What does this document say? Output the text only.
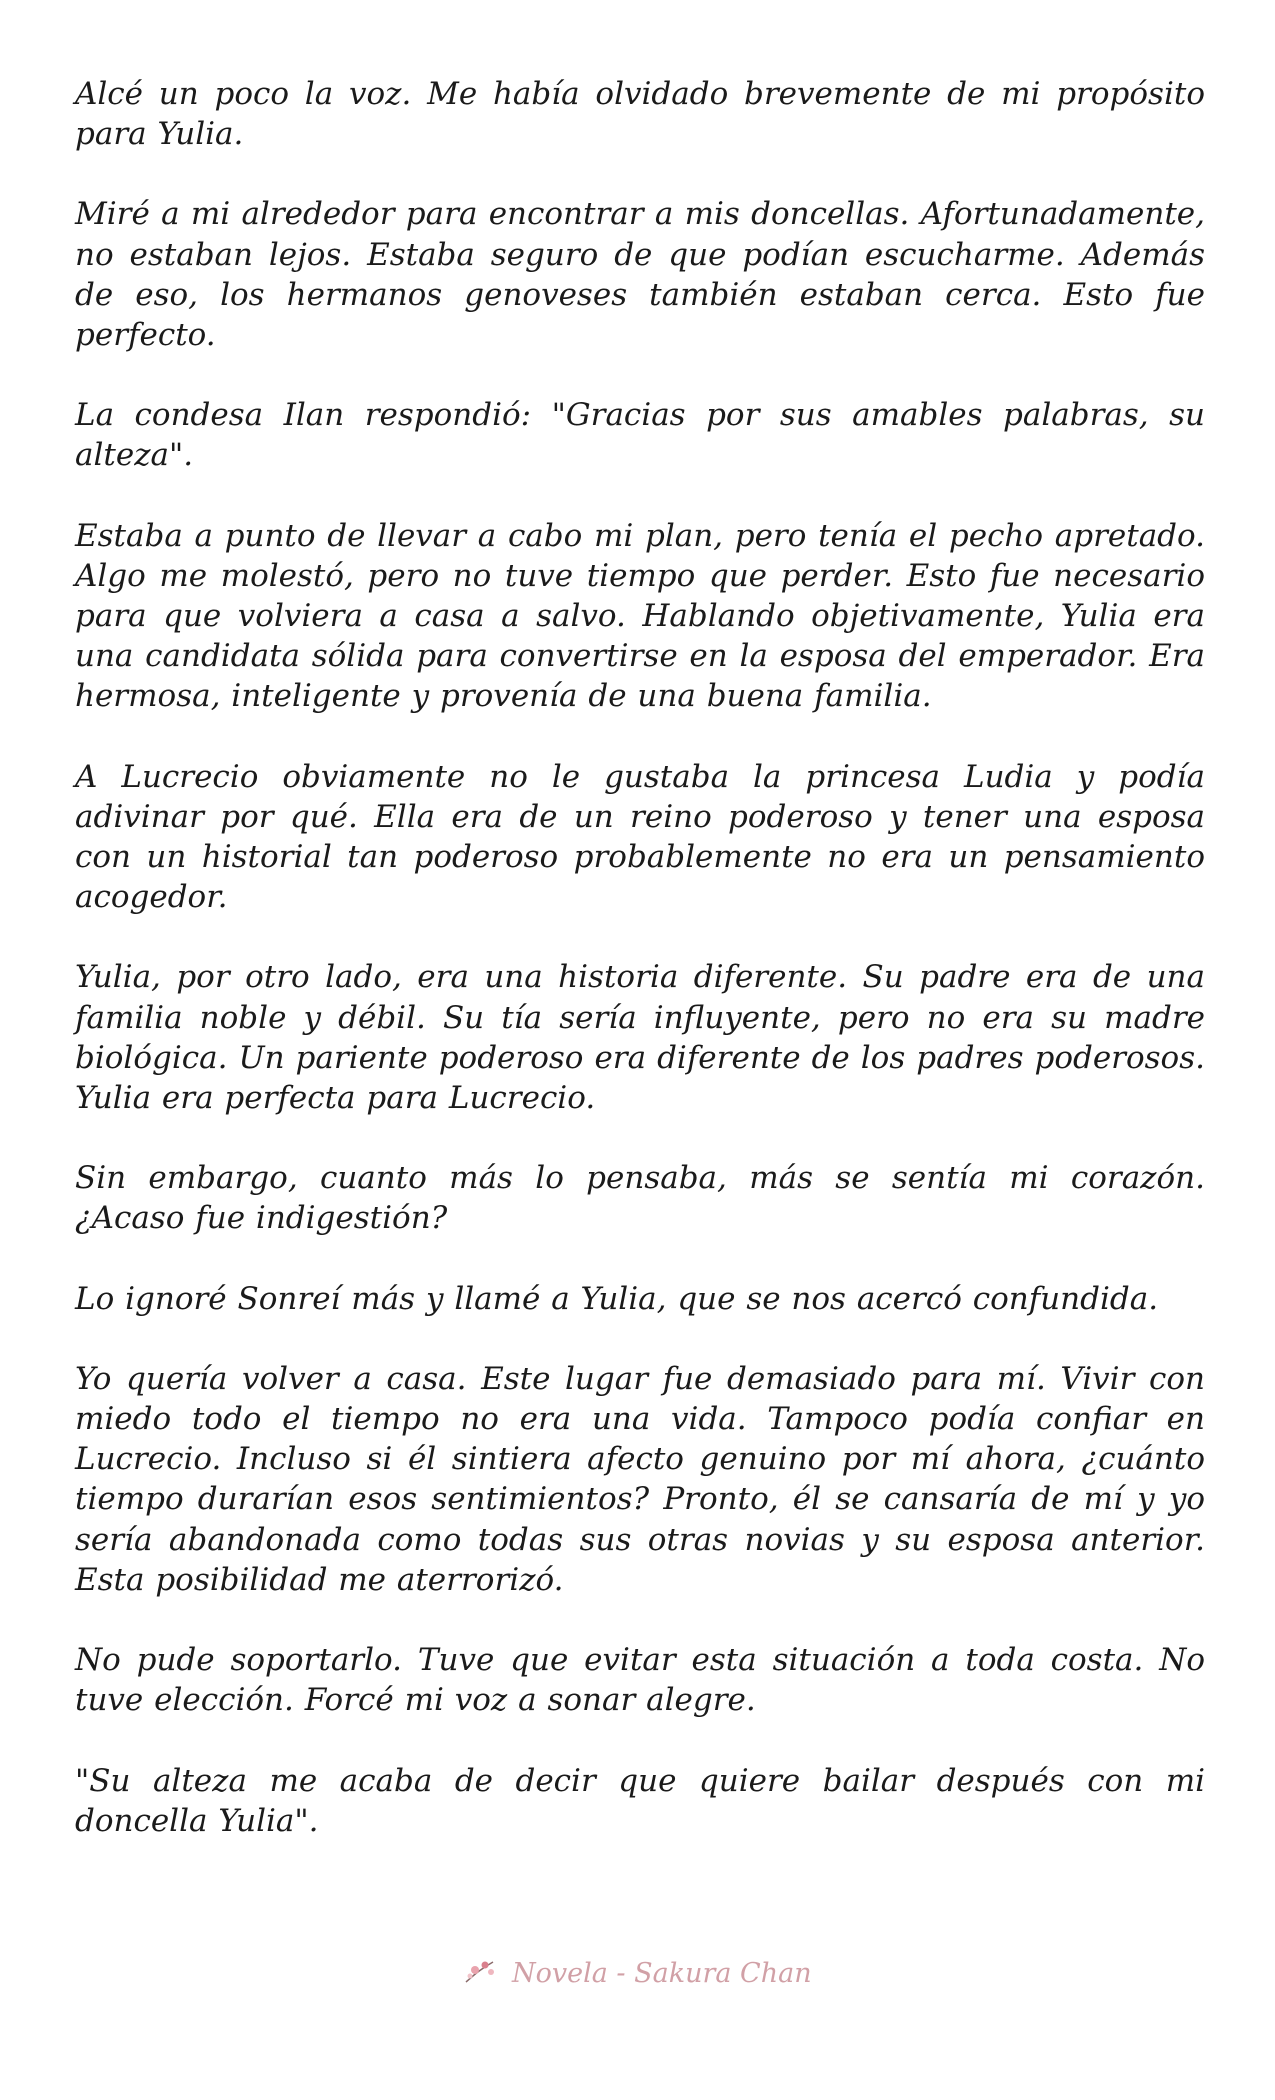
Alcé un poco la voz. Me había olvidado brevemente de mi propósito para Yulia.

Miré a mi alrededor para encontrar a mis doncellas. Afortunadamente, no estaban lejos. Estaba seguro de que podían escucharme. Además de eso, los hermanos genoveses también estaban cerca. Esto fue perfecto.

La condesa Ilan respondió: "Gracias por sus amables palabras, su alteza".

Estaba a punto de llevar a cabo mi plan, pero tenía el pecho apretado. Algo me molestó, pero no tuve tiempo que perder. Esto fue necesario para que volviera a casa a salvo. Hablando objetivamente, Yulia era una candidata sólida para convertirse en la esposa del emperador. Era hermosa, inteligente y provenía de una buena familia.

A Lucrecio obviamente no le gustaba la princesa Ludia y podía adivinar por qué. Ella era de un reino poderoso y tener una esposa con un historial tan poderoso probablemente no era un pensamiento acogedor.

Yulia, por otro lado, era una historia diferente. Su padre era de una familia noble y débil. Su tía sería influyente, pero no era su madre biológica. Un pariente poderoso era diferente de los padres poderosos. Yulia era perfecta para Lucrecio.

Sin embargo, cuanto más lo pensaba, más se sentía mi corazón. ¿Acaso fue indigestión?

Lo ignoré Sonreí más y llamé a Yulia, que se nos acercó confundida.

Yo quería volver a casa. Este lugar fue demasiado para mí. Vivir con miedo todo el tiempo no era una vida. Tampoco podía confiar en Lucrecio. Incluso si él sintiera afecto genuino por mí ahora, ¿cuánto tiempo durarían esos sentimientos? Pronto, él se cansaría de mí y yo sería abandonada como todas sus otras novias y su esposa anterior. Esta posibilidad me aterrorizó.

No pude soportarlo. Tuve que evitar esta situación a toda costa. No tuve elección. Forcé mi voz a sonar alegre.

"Su alteza me acaba de decir que quiere bailar después con mi doncella Yulia".

Novela - Sakura Chan
